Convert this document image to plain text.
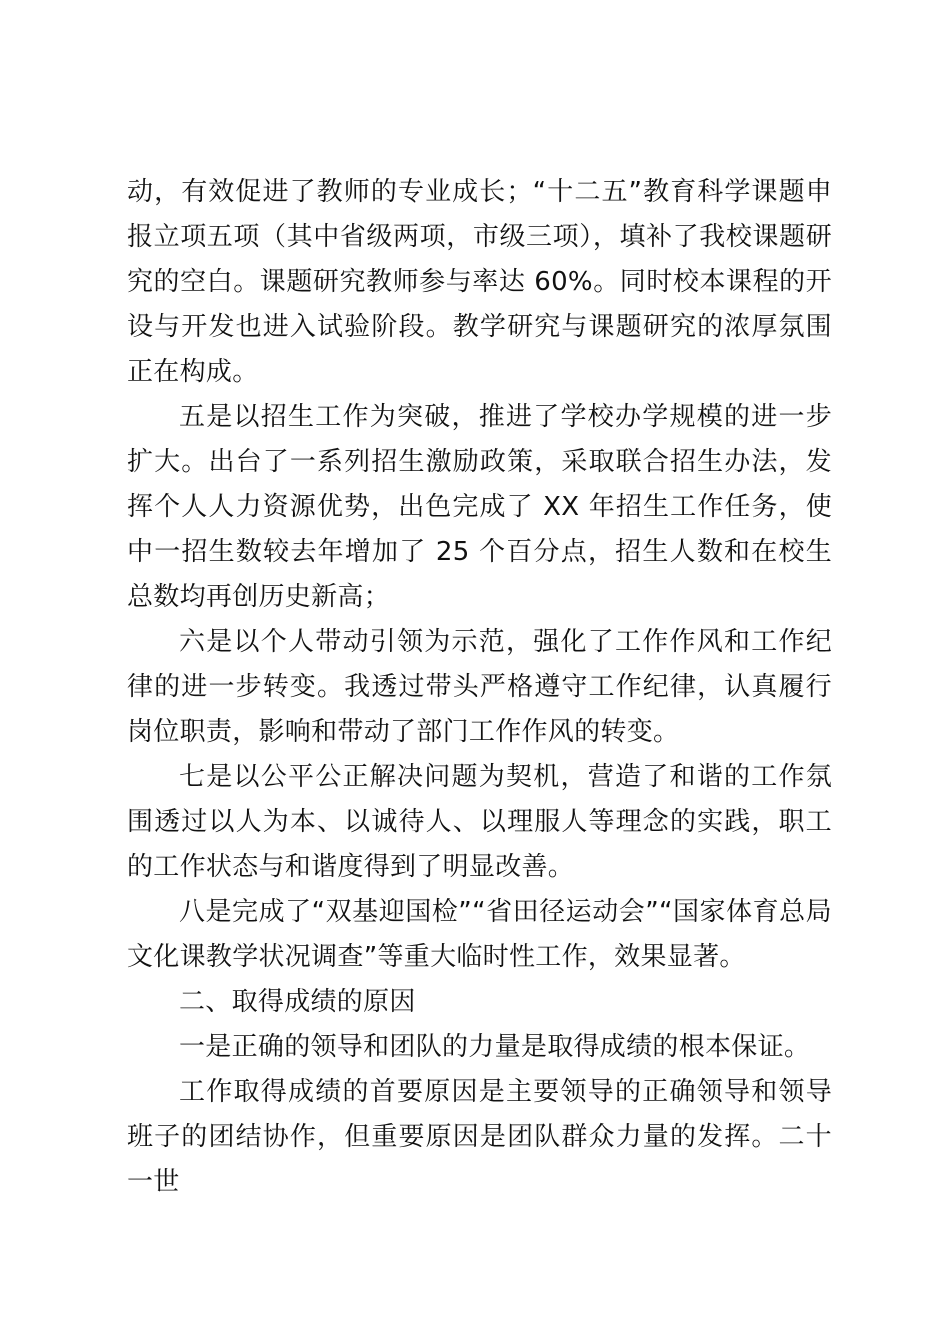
动，有效促进了教师的专业成长；“十二五”教育科学课题申报立项五项（其中省级两项，市级三项），填补了我校课题研究的空白。课题研究教师参与率达 60%。同时校本课程的开设与开发也进入试验阶段。教学研究与课题研究的浓厚氛围正在构成。

五是以招生工作为突破，推进了学校办学规模的进一步扩大。出台了一系列招生激励政策，采取联合招生办法，发挥个人人力资源优势，出色完成了 XX 年招生工作任务，使中一招生数较去年增加了 25 个百分点，招生人数和在校生总数均再创历史新高；

六是以个人带动引领为示范，强化了工作作风和工作纪律的进一步转变。我透过带头严格遵守工作纪律，认真履行岗位职责，影响和带动了部门工作作风的转变。

七是以公平公正解决问题为契机，营造了和谐的工作氛围透过以人为本、以诚待人、以理服人等理念的实践，职工的工作状态与和谐度得到了明显改善。

八是完成了“双基迎国检”“省田径运动会”“国家体育总局文化课教学状况调查”等重大临时性工作，效果显著。

二、取得成绩的原因

一是正确的领导和团队的力量是取得成绩的根本保证。

工作取得成绩的首要原因是主要领导的正确领导和领导班子的团结协作，但重要原因是团队群众力量的发挥。二十一世
